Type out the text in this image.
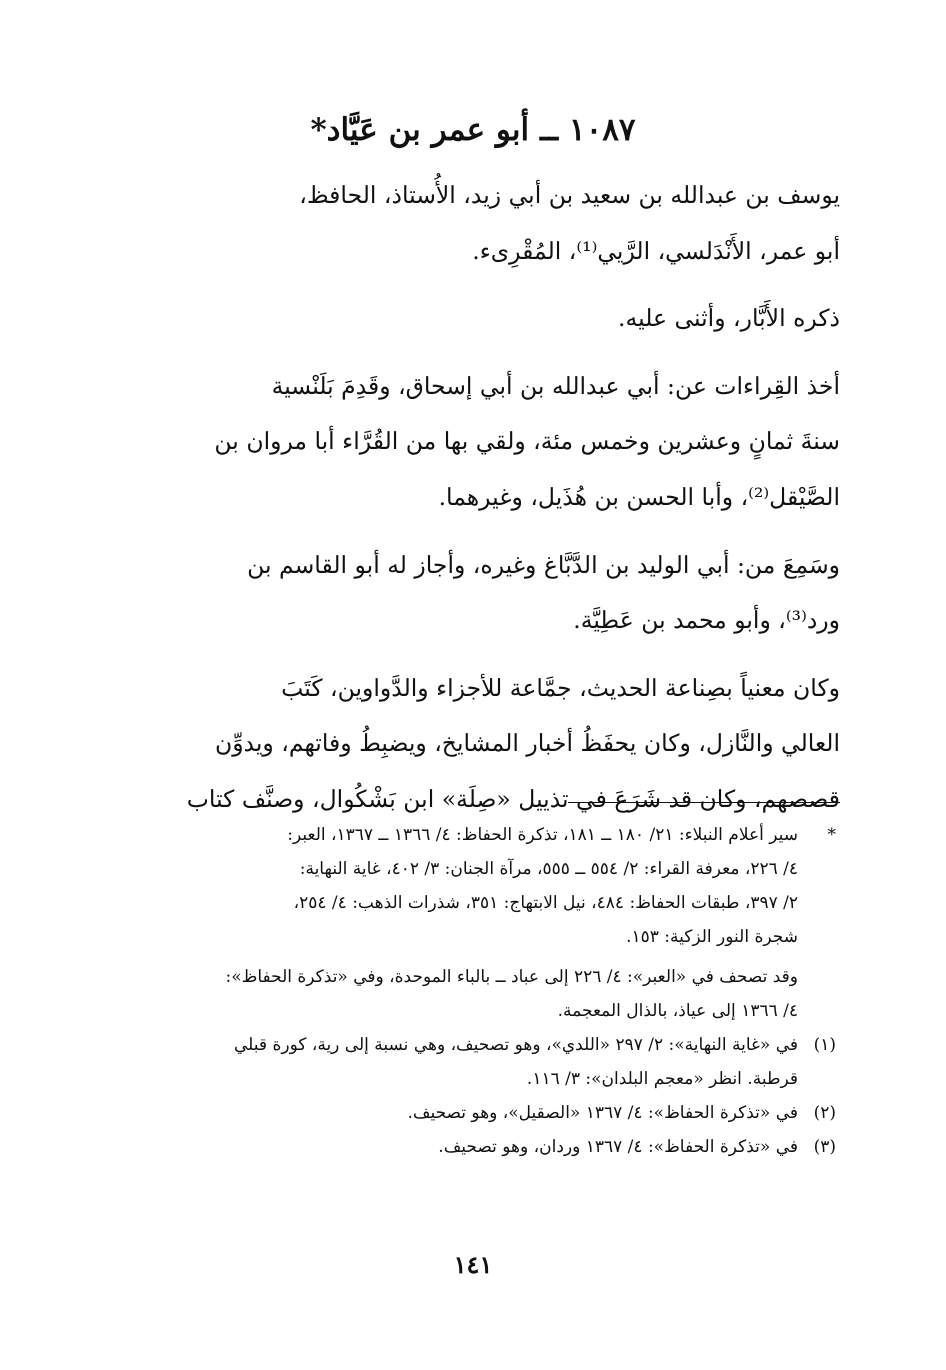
١٠٨٧ ــ أبو عمر بن عَيَّاد*

يوسف بن عبدالله بن سعيد بن أبي زيد، الأُستاذ، الحافظ،
أبو عمر، الأَنْدَلسي، الرَّيي⁽¹⁾، المُقْرِىء.

ذكره الأَبَّار، وأثنى عليه.

أخذ القِراءات عن: أبي عبدالله بن أبي إسحاق، وقَدِمَ بَلَنْسية
سنةَ ثمانٍ وعشرين وخمس مئة، ولقي بها من القُرَّاء أبا مروان بن
الصَّيْقل⁽²⁾، وأبا الحسن بن هُذَيل، وغيرهما.

وسَمِعَ من: أبي الوليد بن الدَّبَّاغ وغيره، وأجاز له أبو القاسم بن
ورد⁽³⁾، وأبو محمد بن عَطِيَّة.

وكان معنياً بصِناعة الحديث، جمَّاعة للأجزاء والدَّواوين، كَتَبَ
العالي والنَّازل، وكان يحفَظُ أخبار المشايخ، ويضبِطُ وفاتهم، ويدوِّن
قصصهم، وكان قد شَرَعَ في تذييل «صِلَة» ابن بَشْكُوال، وصنَّف كتاب

*
سير أعلام النبلاء: ٢١/ ١٨٠ ــ ١٨١، تذكرة الحفاظ: ٤/ ١٣٦٦ ــ ١٣٦٧، العبر:
٤/ ٢٢٦، معرفة القراء: ٢/ ٥٥٤ ــ ٥٥٥، مرآة الجنان: ٣/ ٤٠٢، غاية النهاية:
٢/ ٣٩٧، طبقات الحفاظ: ٤٨٤، نيل الابتهاج: ٣٥١، شذرات الذهب: ٤/ ٢٥٤،
شجرة النور الزكية: ١٥٣.
وقد تصحف في «العبر»: ٤/ ٢٢٦ إلى عباد ــ بالباء الموحدة، وفي «تذكرة الحفاظ»:
٤/ ١٣٦٦ إلى عياذ، بالذال المعجمة.
(١)
في «غاية النهاية»: ٢/ ٢٩٧ «اللدي»، وهو تصحيف، وهي نسبة إلى رية، كورة قبلي
قرطبة. انظر «معجم البلدان»: ٣/ ١١٦.
(٢)
في «تذكرة الحفاظ»: ٤/ ١٣٦٧ «الصقيل»، وهو تصحيف.
(٣)
في «تذكرة الحفاظ»: ٤/ ١٣٦٧ وردان، وهو تصحيف.
١٤١
